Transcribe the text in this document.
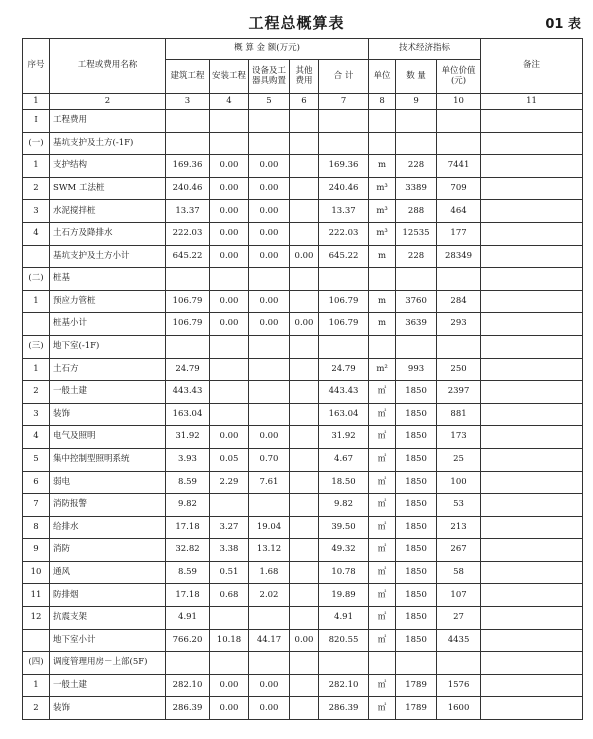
工程总概算表	01 表
序号	工程或费用名称	概 算 金 额(万元)					技术经济指标			备注
		建筑工程	安装工程	设备及工器具购置	其他费用	合 计	单位	数 量	单位价值(元)	
1	2	3	4	5	6	7	8	9	10	11
I	工程费用									
(一)	基坑支护及土方(-1F)									
1	支护结构	169.36	0.00	0.00		169.36	m	228	7441	
2	SWM 工法桩	240.46	0.00	0.00		240.46	m³	3389	709	
3	水泥搅拌桩	13.37	0.00	0.00		13.37	m³	288	464	
4	土石方及降排水	222.03	0.00	0.00		222.03	m³	12535	177	
	基坑支护及土方小计	645.22	0.00	0.00	0.00	645.22	m	228	28349	
(二)	桩基									
1	预应力管桩	106.79	0.00	0.00		106.79	m	3760	284	
	桩基小计	106.79	0.00	0.00	0.00	106.79	m	3639	293	
(三)	地下室(-1F)									
1	土石方	24.79				24.79	m²	993	250	
2	一般土建	443.43				443.43	㎡	1850	2397	
3	装饰	163.04				163.04	㎡	1850	881	
4	电气及照明	31.92	0.00	0.00		31.92	㎡	1850	173	
5	集中控制型照明系统	3.93	0.05	0.70		4.67	㎡	1850	25	
6	弱电	8.59	2.29	7.61		18.50	㎡	1850	100	
7	消防报警	9.82				9.82	㎡	1850	53	
8	给排水	17.18	3.27	19.04		39.50	㎡	1850	213	
9	消防	32.82	3.38	13.12		49.32	㎡	1850	267	
10	通风	8.59	0.51	1.68		10.78	㎡	1850	58	
11	防排烟	17.18	0.68	2.02		19.89	㎡	1850	107	
12	抗震支架	4.91				4.91	㎡	1850	27	
	地下室小计	766.20	10.18	44.17	0.00	820.55	㎡	1850	4435	
(四)	调度管理用房－上部(5F)									
1	一般土建	282.10	0.00	0.00		282.10	㎡	1789	1576	
2	装饰	286.39	0.00	0.00		286.39	㎡	1789	1600	
